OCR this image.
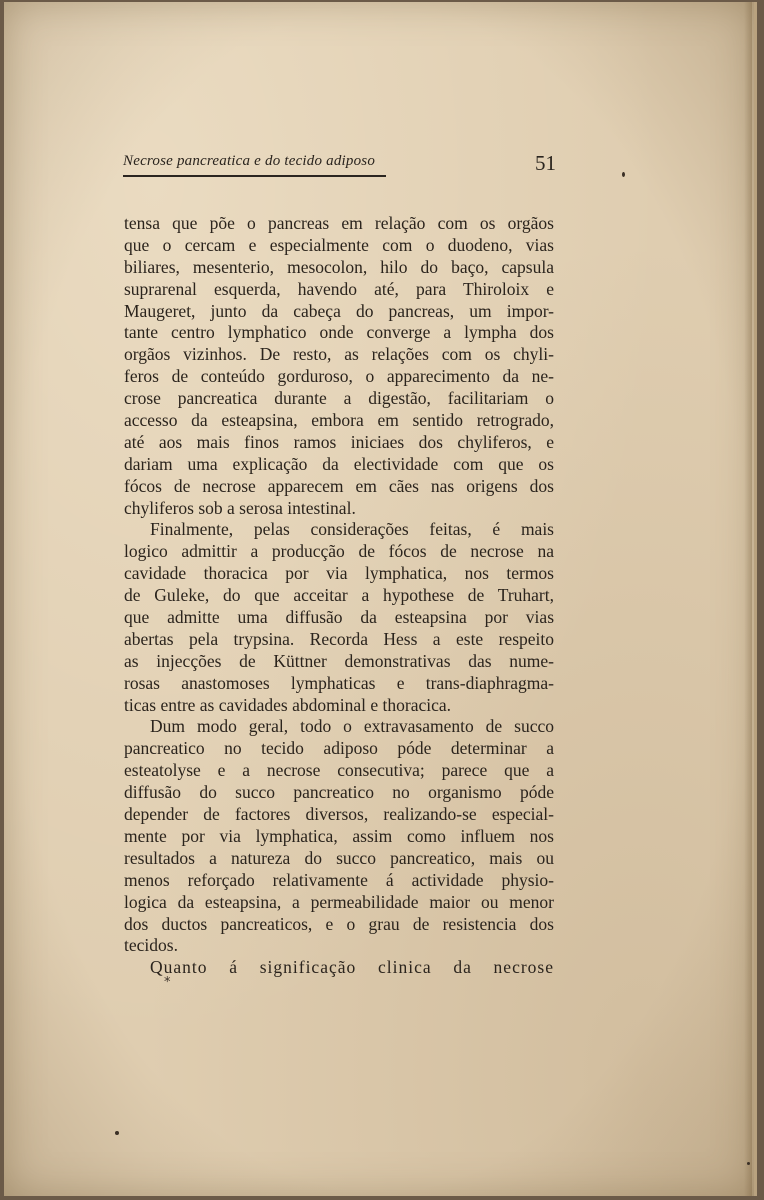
Necrose pancreatica e do tecido adiposo	51
tensa que põe o pancreas em relação com os orgãos
que o cercam e especialmente com o duodeno, vias
biliares, mesenterio, mesocolon, hilo do baço, capsula
suprarenal esquerda, havendo até, para Thiroloix e
Maugeret, junto da cabeça do pancreas, um impor-
tante centro lymphatico onde converge a lympha dos
orgãos vizinhos. De resto, as relações com os chyli-
feros de conteúdo gorduroso, o apparecimento da ne-
crose pancreatica durante a digestão, facilitariam o
accesso da esteapsina, embora em sentido retrogrado,
até aos mais finos ramos iniciaes dos chyliferos, e
dariam uma explicação da electividade com que os
fócos de necrose apparecem em cães nas origens dos
chyliferos sob a serosa intestinal.
Finalmente, pelas considerações feitas, é mais
logico admittir a producção de fócos de necrose na
cavidade thoracica por via lymphatica, nos termos
de Guleke, do que acceitar a hypothese de Truhart,
que admitte uma diffusão da esteapsina por vias
abertas pela trypsina. Recorda Hess a este respeito
as injecções de Küttner demonstrativas das nume-
rosas anastomoses lymphaticas e trans-diaphragma-
ticas entre as cavidades abdominal e thoracica.
Dum modo geral, todo o extravasamento de succo
pancreatico no tecido adiposo póde determinar a
esteatolyse e a necrose consecutiva; parece que a
diffusão do succo pancreatico no organismo póde
depender de factores diversos, realizando-se especial-
mente por via lymphatica, assim como influem nos
resultados a natureza do succo pancreatico, mais ou
menos reforçado relativamente á actividade physio-
logica da esteapsina, a permeabilidade maior ou menor
dos ductos pancreaticos, e o grau de resistencia dos
tecidos.
Quanto á significação clinica da necrose
*
